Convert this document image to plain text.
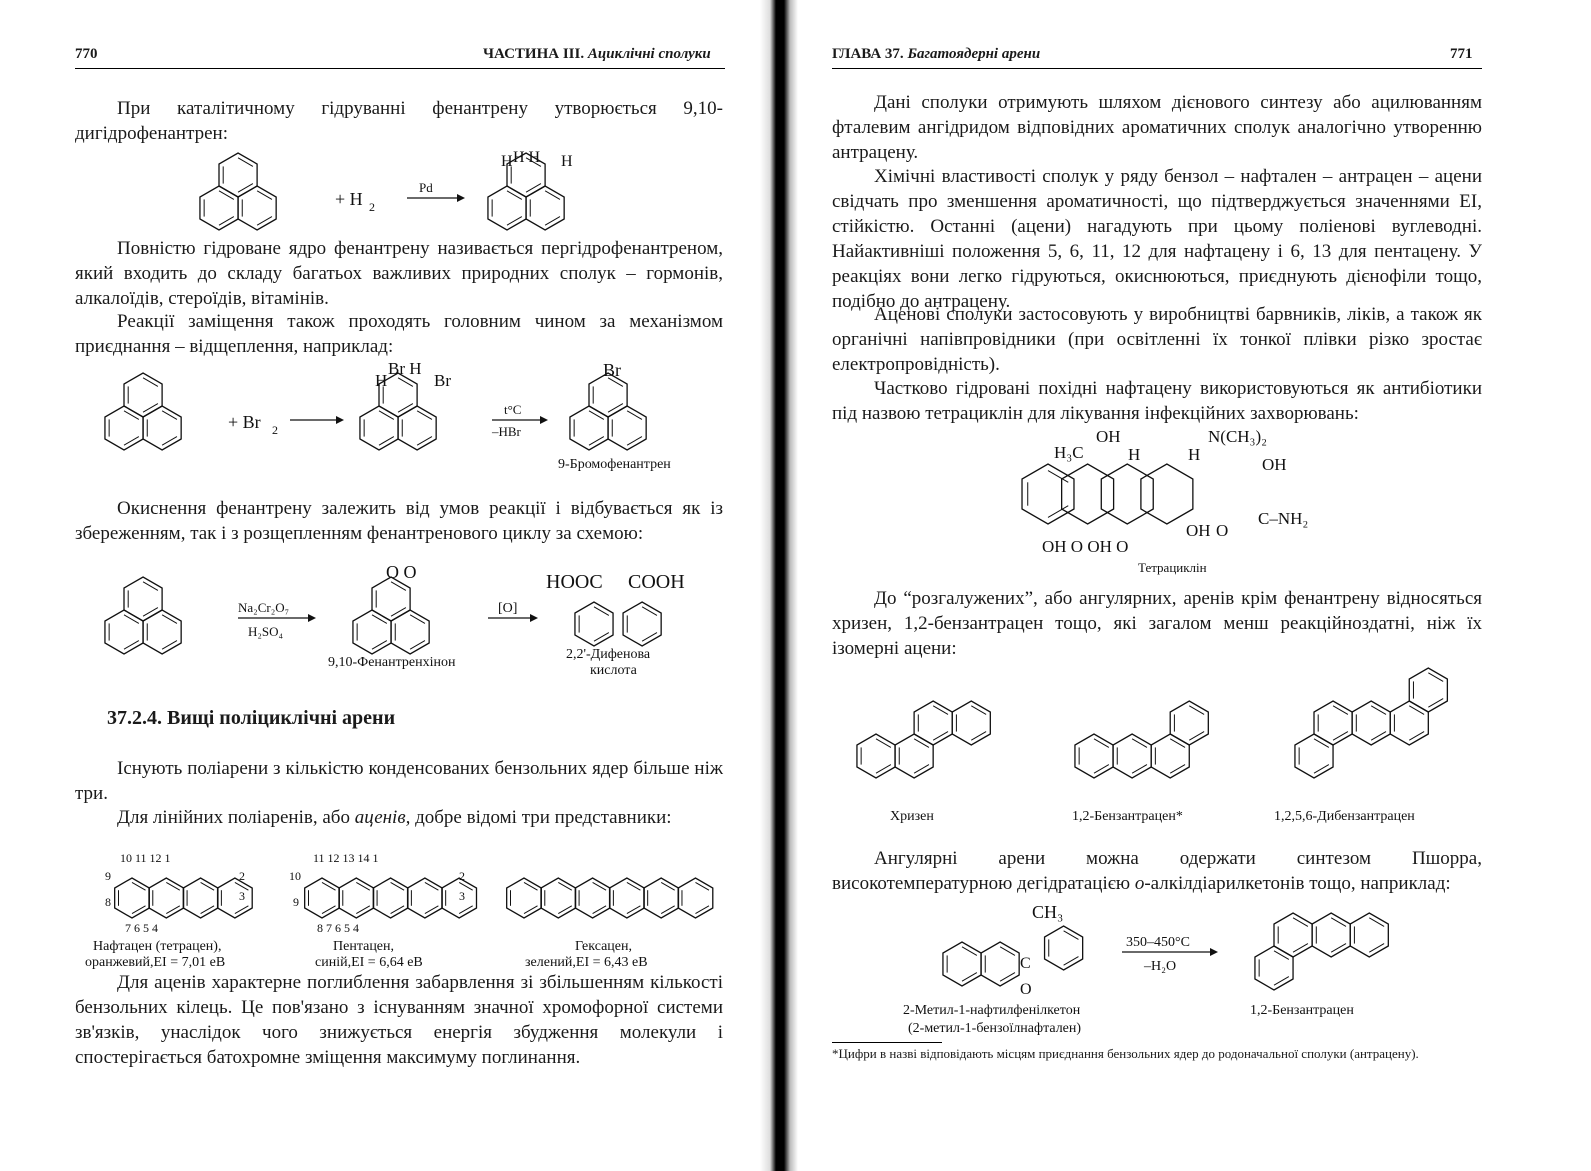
770	ЧАСТИНА III. Ациклічні сполуки

При каталітичному гідруванні фенантрену утворюється 9,10-дигідрофенантрен:

+ H 2
Pd
H H
H	H

Повністю гідроване ядро фенантрену називається пергідрофенантреном, який входить до складу багатьох важливих природних сполук – гормонів, алкалоїдів, стероїдів, вітамінів.

Реакції заміщення також проходять головним чином за механізмом приєднання – відщеплення, наприклад:

+ Br 2
Br H
H	Br
t°C
–HBr
Br
9-Бромофенантрен

Окиснення фенантрену залежить від умов реакції і відбувається як із збереженням, так і з розщепленням фенантренового циклу за схемою:

Na₂Cr₂O₇
H₂SO₄
O O
9,10-Фенантренхінон
[O]
HOOC COOH
2,2'-Дифенова
кислота
37.2.4. Вищі поліциклічні арени

Існують поліарени з кількістю конденсованих бензольних ядер більше ніж три.

Для лінійних поліаренів, або аценів, добре відомі три представники:

10 11 12 1
7 6 5 4
9
8
2
3
Нафтацен (тетрацен),
оранжевий,EI = 7,01 еВ
11 12 13 14 1
8 7 6 5 4
10
9
2
3
Пентацен,
синій,EI = 6,64 еВ
Гексацен,
зелений,EI = 6,43 еВ

Для аценів характерне поглиблення забарвлення зі збільшенням кількості бензольних кілець. Це пов'язано з існуванням значної хромофорної системи зв'язків, унаслідок чого знижується енергія збудження молекули і спостерігається батохромне зміщення максимуму поглинання.

ГЛАВА 37. Багатоядерні арени	771

Дані сполуки отримують шляхом дієнового синтезу або ацилюванням фталевим ангідридом відповідних ароматичних сполук аналогічно утворенню антрацену.

Хімічні властивості сполук у ряду бензол – нафтален – антрацен – ацени свідчать про зменшення ароматичності, що підтверджується значеннями EI, стійкістю. Останні (ацени) нагадують при цьому поліенові вуглеводні. Найактивніші положення 5, 6, 11, 12 для нафтацену і 6, 13 для пентацену. У реакціях вони легко гідруються, окиснюються, приєднують дієнофіли тощо, подібно до антрацену.

Аценові сполуки застосовують у виробництві барвників, ліків, а також як органічні напівпровідники (при освітленні їх тонкої плівки різко зростає електропровідність).

Частково гідровані похідні нафтацену використовуються як антибіотики під назвою тетрациклін для лікування інфекційних захворювань:

OH	N(CH₃)₂
H₃C	H	H
OH
C–NH₂
OH O
OH O OH O
Тетрациклін

До “розгалужених”, або ангулярних, аренів крім фенантрену відносяться хризен, 1,2-бензантрацен тощо, які загалом менш реакційноздатні, ніж їх ізомерні ацени:

Хризен	1,2-Бензантрацен*	1,2,5,6-Дибензантрацен

Ангулярні арени можна одержати синтезом Пшорра, високотемпературною дегідратацією о-алкілдіарилкетонів тощо, наприклад:

CH₃
C
O
350–450°C
–H₂O
2-Метил-1-нафтилфенілкетон
(2-метил-1-бензоїлнафтален)
1,2-Бензантрацен
*Цифри в назві відповідають місцям приєднання бензольних ядер до родоначальної сполуки (антрацену).
